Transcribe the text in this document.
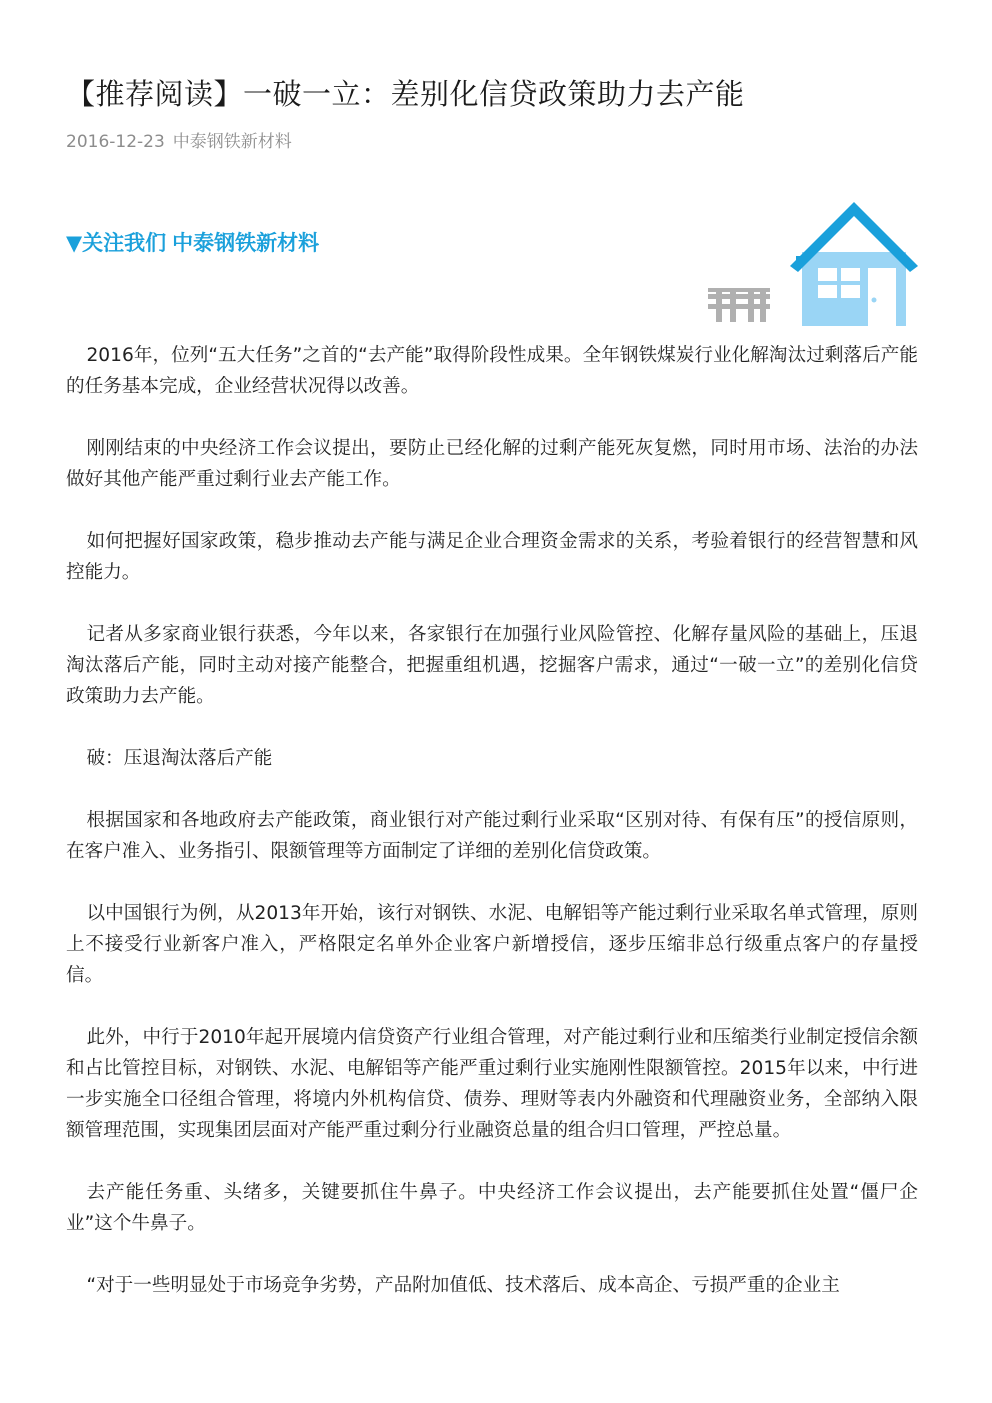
【推荐阅读】一破一立：差别化信贷政策助力去产能
2016-12-23 中泰钢铁新材料
▼关注我们 中泰钢铁新材料

2016年，位列“五大任务”之首的“去产能”取得阶段性成果。全年钢铁煤炭行业化解淘汰过剩落后产能的任务基本完成，企业经营状况得以改善。

刚刚结束的中央经济工作会议提出，要防止已经化解的过剩产能死灰复燃，同时用市场、法治的办法做好其他产能严重过剩行业去产能工作。

如何把握好国家政策，稳步推动去产能与满足企业合理资金需求的关系，考验着银行的经营智慧和风控能力。

记者从多家商业银行获悉，今年以来，各家银行在加强行业风险管控、化解存量风险的基础上，压退淘汰落后产能，同时主动对接产能整合，把握重组机遇，挖掘客户需求，通过“一破一立”的差别化信贷政策助力去产能。

破：压退淘汰落后产能

根据国家和各地政府去产能政策，商业银行对产能过剩行业采取“区别对待、有保有压”的授信原则，在客户准入、业务指引、限额管理等方面制定了详细的差别化信贷政策。

以中国银行为例，从2013年开始，该行对钢铁、水泥、电解铝等产能过剩行业采取名单式管理，原则上不接受行业新客户准入，严格限定名单外企业客户新增授信，逐步压缩非总行级重点客户的存量授信。

此外，中行于2010年起开展境内信贷资产行业组合管理，对产能过剩行业和压缩类行业制定授信余额和占比管控目标，对钢铁、水泥、电解铝等产能严重过剩行业实施刚性限额管控。2015年以来，中行进一步实施全口径组合管理，将境内外机构信贷、债券、理财等表内外融资和代理融资业务，全部纳入限额管理范围，实现集团层面对产能严重过剩分行业融资总量的组合归口管理，严控总量。

去产能任务重、头绪多，关键要抓住牛鼻子。中央经济工作会议提出，去产能要抓住处置“僵尸企业”这个牛鼻子。

“对于一些明显处于市场竞争劣势，产品附加值低、技术落后、成本高企、亏损严重的企业主
